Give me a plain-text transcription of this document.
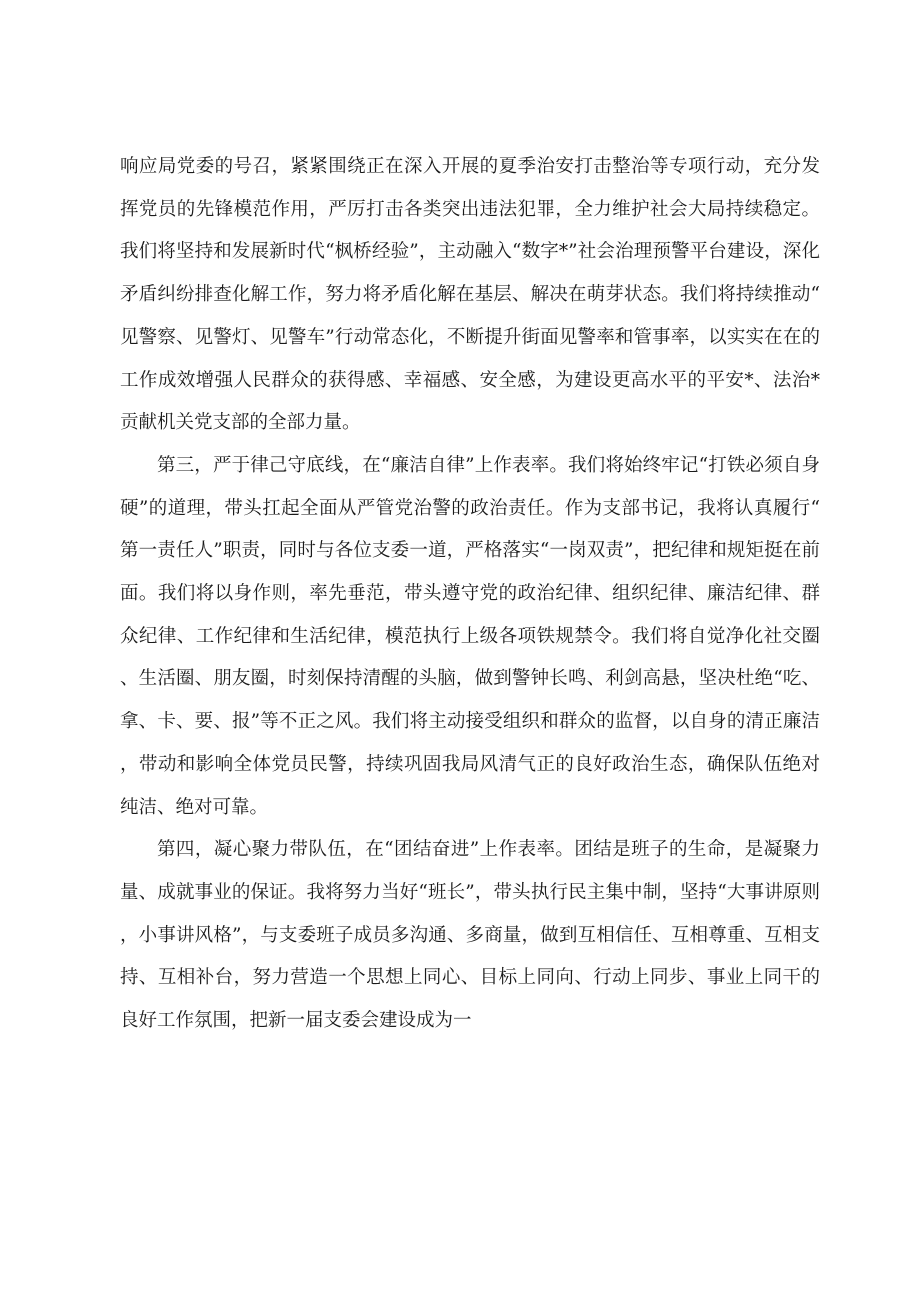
响应局党委的号召，紧紧围绕正在深入开展的夏季治安打击整治等专项行动，充分发挥党员的先锋模范作用，严厉打击各类突出违法犯罪，全力维护社会大局持续稳定。我们将坚持和发展新时代“枫桥经验”，主动融入“数字*”社会治理预警平台建设，深化矛盾纠纷排查化解工作，努力将矛盾化解在基层、解决在萌芽状态。我们将持续推动“见警察、见警灯、见警车”行动常态化，不断提升街面见警率和管事率，以实实在在的工作成效增强人民群众的获得感、幸福感、安全感，为建设更高水平的平安*、法治*贡献机关党支部的全部力量。

第三，严于律己守底线，在“廉洁自律”上作表率。我们将始终牢记“打铁必须自身硬”的道理，带头扛起全面从严管党治警的政治责任。作为支部书记，我将认真履行“第一责任人”职责，同时与各位支委一道，严格落实“一岗双责”，把纪律和规矩挺在前面。我们将以身作则，率先垂范，带头遵守党的政治纪律、组织纪律、廉洁纪律、群众纪律、工作纪律和生活纪律，模范执行上级各项铁规禁令。我们将自觉净化社交圈、生活圈、朋友圈，时刻保持清醒的头脑，做到警钟长鸣、利剑高悬，坚决杜绝“吃、拿、卡、要、报”等不正之风。我们将主动接受组织和群众的监督，以自身的清正廉洁，带动和影响全体党员民警，持续巩固我局风清气正的良好政治生态，确保队伍绝对纯洁、绝对可靠。

第四，凝心聚力带队伍，在“团结奋进”上作表率。团结是班子的生命，是凝聚力量、成就事业的保证。我将努力当好“班长”，带头执行民主集中制，坚持“大事讲原则，小事讲风格”，与支委班子成员多沟通、多商量，做到互相信任、互相尊重、互相支持、互相补台，努力营造一个思想上同心、目标上同向、行动上同步、事业上同干的良好工作氛围，把新一届支委会建设成为一
